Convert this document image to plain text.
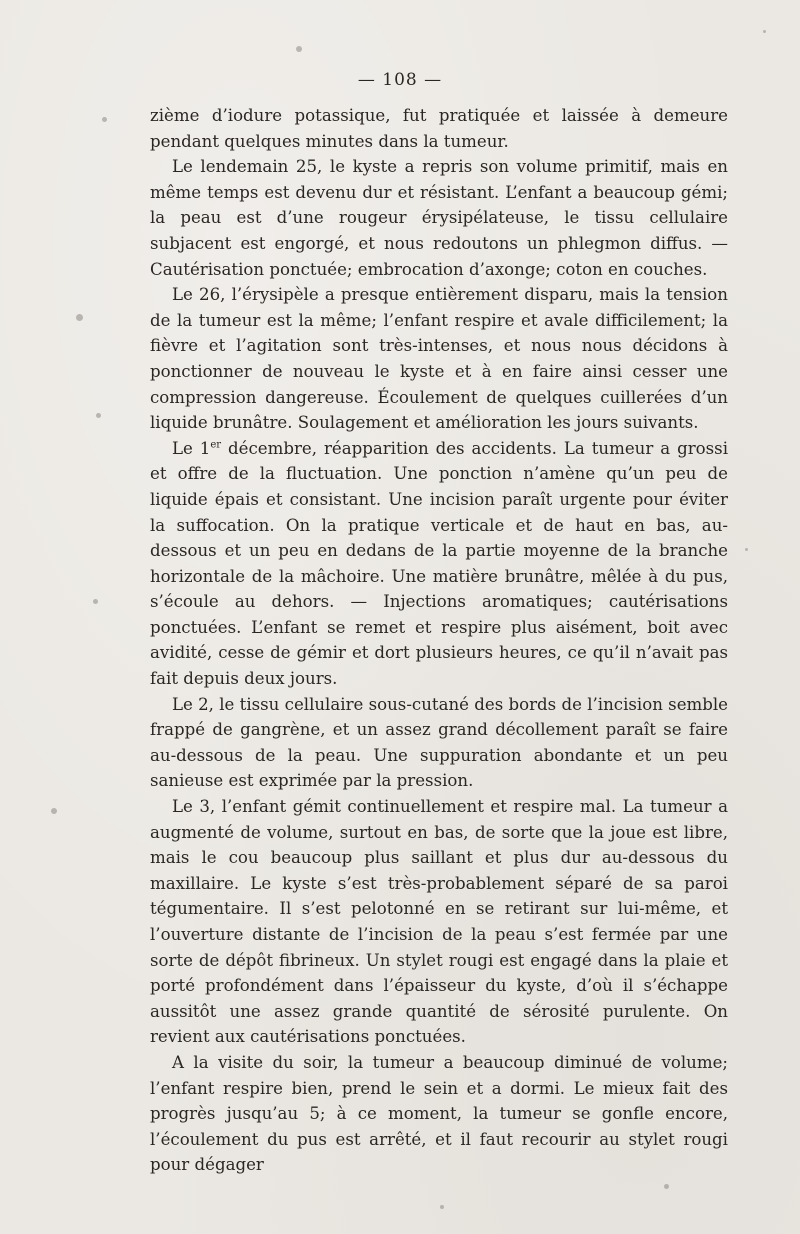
— 108 —

zième d’iodure potassique, fut pratiquée et laissée à demeure pendant quelques minutes dans la tumeur.

Le lendemain 25, le kyste a repris son volume primitif, mais en même temps est devenu dur et résistant. L’enfant a beaucoup gémi; la peau est d’une rougeur érysipélateuse, le tissu cellulaire subjacent est engorgé, et nous redoutons un phlegmon diffus. — Cautérisation ponctuée; embrocation d’axonge; coton en couches.

Le 26, l’érysipèle a presque entièrement disparu, mais la tension de la tumeur est la même; l’enfant respire et avale difficilement; la fièvre et l’agitation sont très-intenses, et nous nous décidons à ponctionner de nouveau le kyste et à en faire ainsi cesser une compression dangereuse. Écoulement de quelques cuillerées d’un liquide brunâtre. Soulagement et amélioration les jours suivants.

Le 1er décembre, réapparition des accidents. La tumeur a grossi et offre de la fluctuation. Une ponction n’amène qu’un peu de liquide épais et consistant. Une incision paraît urgente pour éviter la suffocation. On la pratique verticale et de haut en bas, au-dessous et un peu en dedans de la partie moyenne de la branche horizontale de la mâchoire. Une matière brunâtre, mêlée à du pus, s’écoule au dehors. — Injections aromatiques; cautérisations ponctuées. L’enfant se remet et respire plus aisément, boit avec avidité, cesse de gémir et dort plusieurs heures, ce qu’il n’avait pas fait depuis deux jours.

Le 2, le tissu cellulaire sous-cutané des bords de l’incision semble frappé de gangrène, et un assez grand décollement paraît se faire au-dessous de la peau. Une suppuration abondante et un peu sanieuse est exprimée par la pression.

Le 3, l’enfant gémit continuellement et respire mal. La tumeur a augmenté de volume, surtout en bas, de sorte que la joue est libre, mais le cou beaucoup plus saillant et plus dur au-dessous du maxillaire. Le kyste s’est très-probablement séparé de sa paroi tégumentaire. Il s’est pelotonné en se retirant sur lui-même, et l’ouverture distante de l’incision de la peau s’est fermée par une sorte de dépôt fibrineux. Un stylet rougi est engagé dans la plaie et porté profondément dans l’épaisseur du kyste, d’où il s’échappe aussitôt une assez grande quantité de sérosité purulente. On revient aux cautérisations ponctuées.

A la visite du soir, la tumeur a beaucoup diminué de volume; l’enfant respire bien, prend le sein et a dormi. Le mieux fait des progrès jusqu’au 5; à ce moment, la tumeur se gonfle encore, l’écoulement du pus est arrêté, et il faut recourir au stylet rougi pour dégager
